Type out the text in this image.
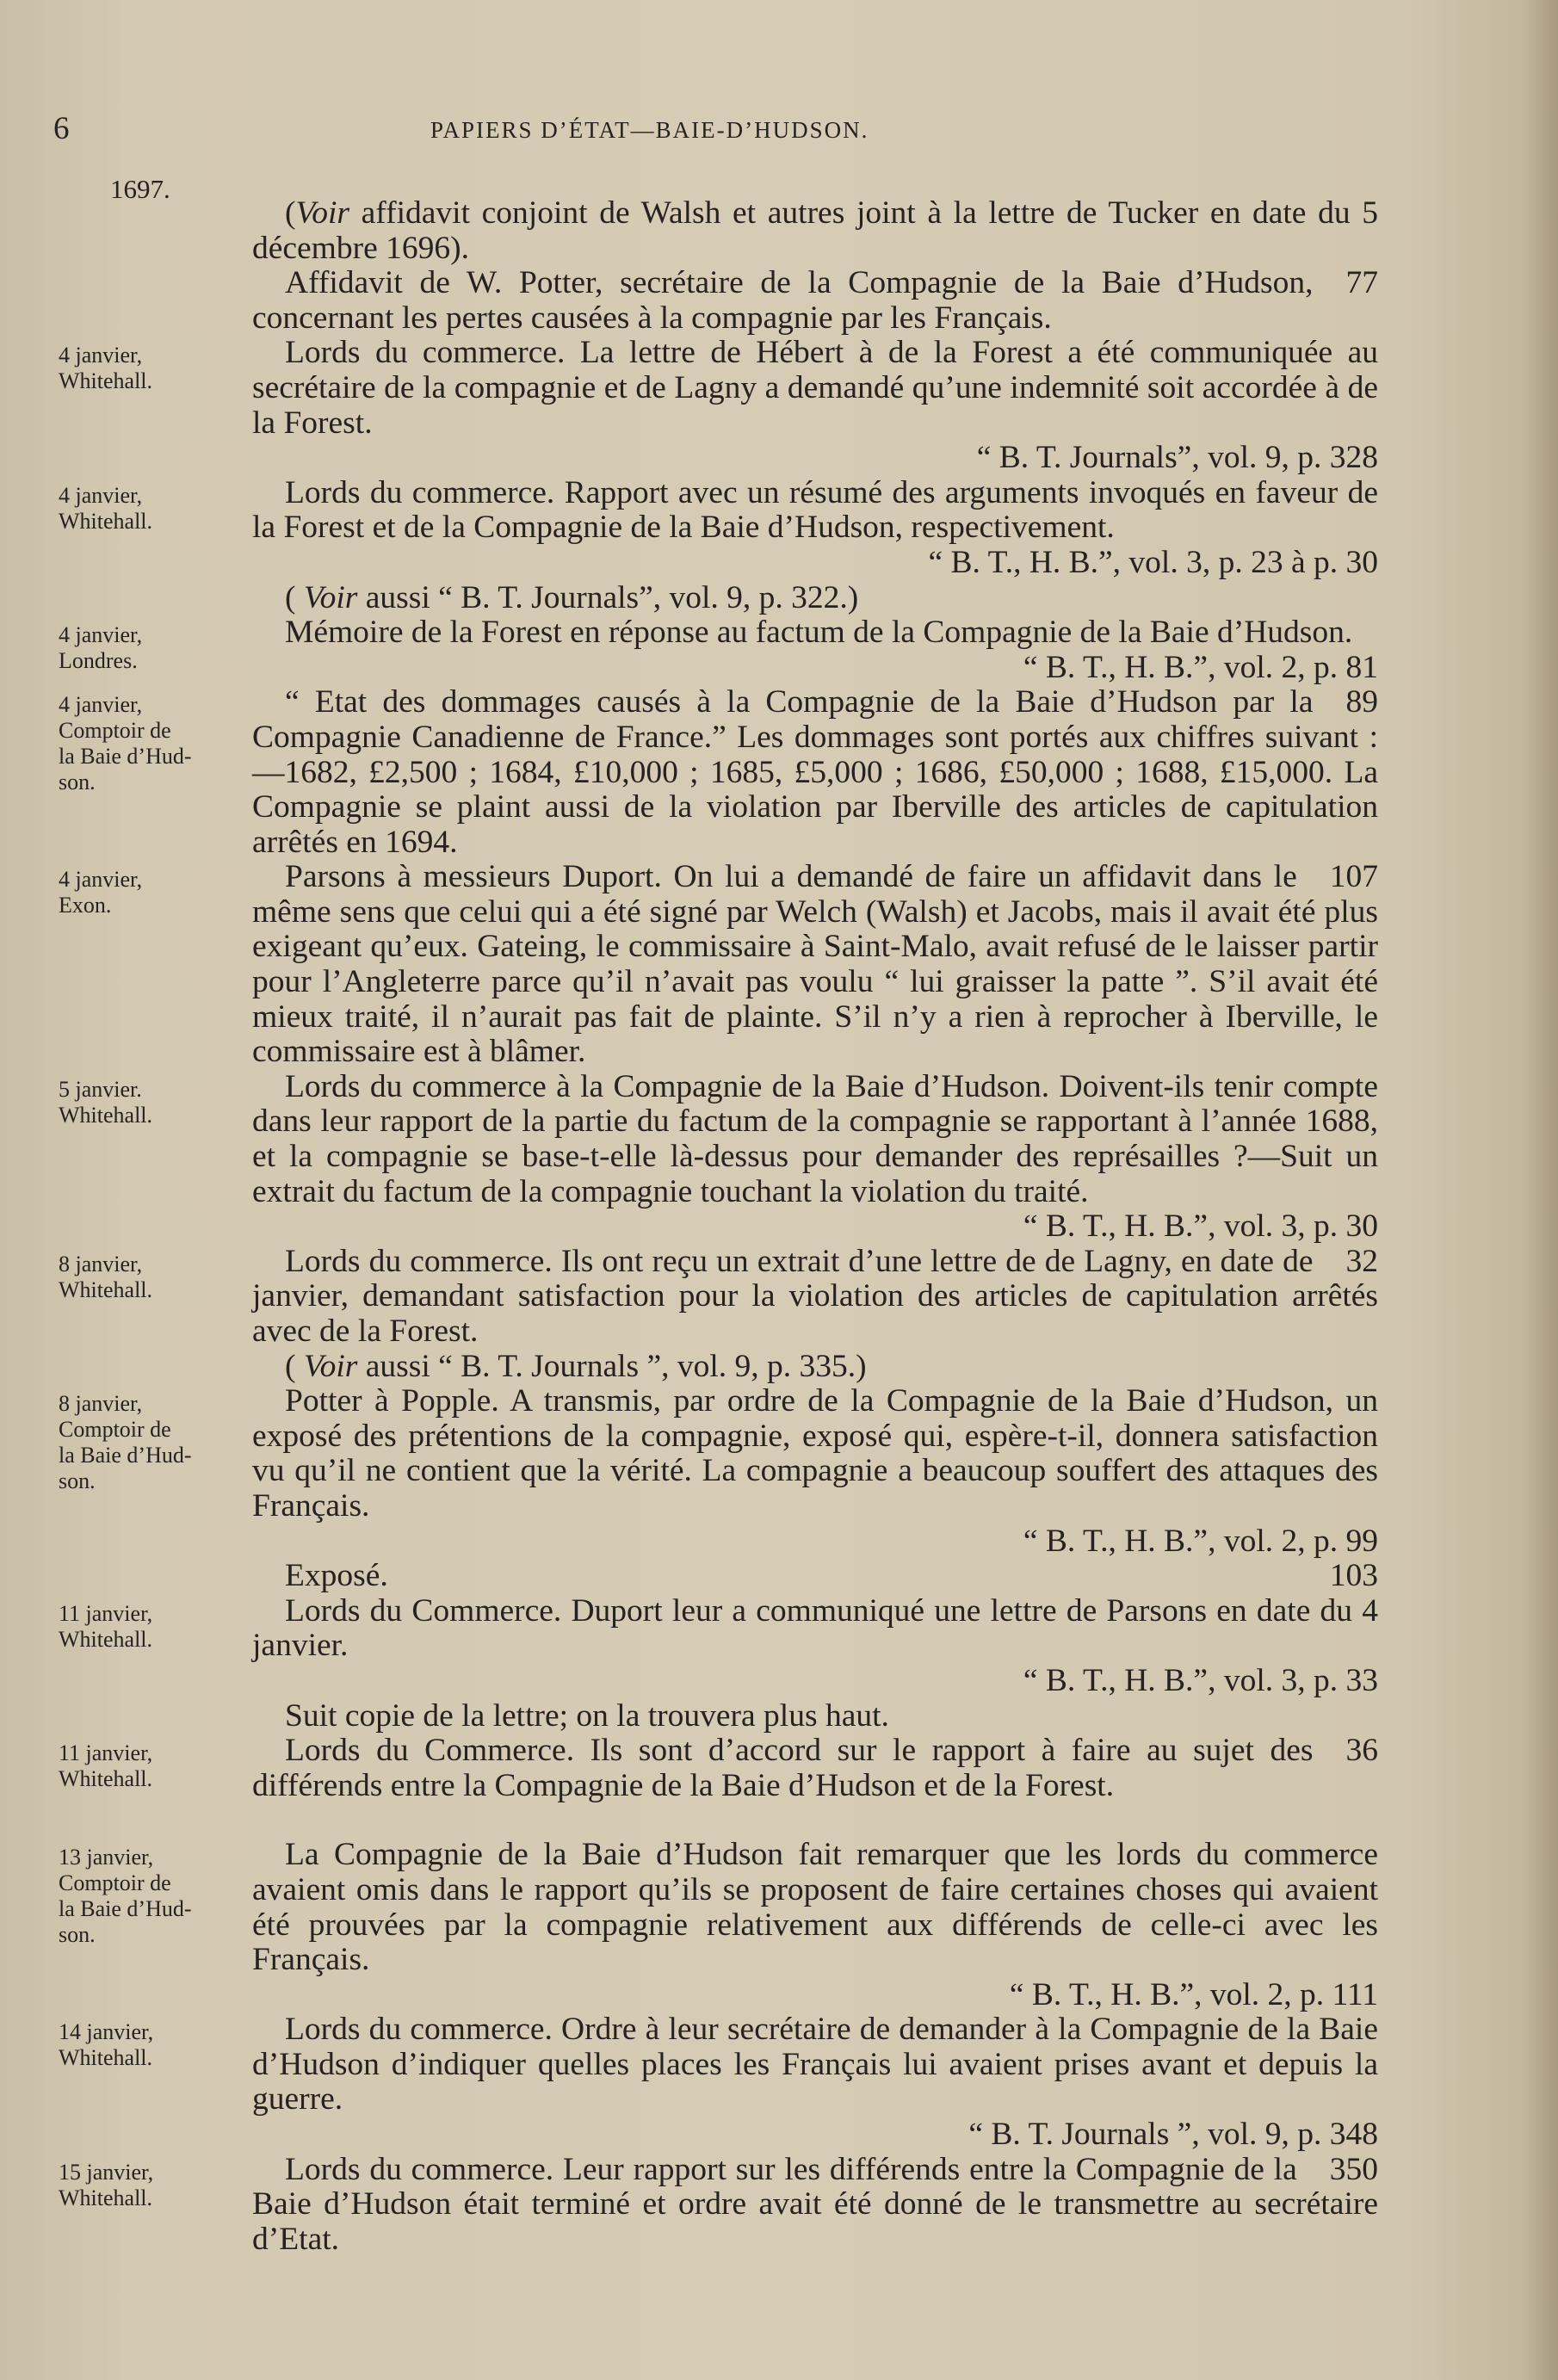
6	PAPIERS D’ÉTAT—BAIE-D’HUDSON.
1697.

(Voir affidavit conjoint de Walsh et autres joint à la lettre de Tucker en date du 5 décembre 1696).

77
Affidavit de W. Potter, secrétaire de la Compagnie de la Baie d’Hudson, concernant les pertes causées à la compagnie par les Français.

4 janvier,
Whitehall.

Lords du commerce. La lettre de Hébert à de la Forest a été communiquée au secrétaire de la compagnie et de Lagny a demandé qu’une indemnité soit accordée à de la Forest.

“ B. T. Journals”, vol. 9, p. 328

4 janvier,
Whitehall.

Lords du commerce. Rapport avec un résumé des arguments invoqués en faveur de la Forest et de la Compagnie de la Baie d’Hudson, respectivement.

“ B. T., H. B.”, vol. 3, p. 23 à p. 30

( Voir aussi “ B. T. Journals”, vol. 9, p. 322.)

4 janvier,
Londres.

Mémoire de la Forest en réponse au factum de la Compagnie de la Baie d’Hudson.

“ B. T., H. B.”, vol. 2, p. 81

4 janvier,
Comptoir de
la Baie d’Hud-
son.

89
“ Etat des dommages causés à la Compagnie de la Baie d’Hudson par la Compagnie Canadienne de France.” Les dommages sont portés aux chiffres suivant :—1682, £2,500 ; 1684, £10,000 ; 1685, £5,000 ; 1686, £50,000 ; 1688, £15,000. La Compagnie se plaint aussi de la violation par Iberville des articles de capitulation arrêtés en 1694.

4 janvier,
Exon.

107
Parsons à messieurs Duport. On lui a demandé de faire un affidavit dans le même sens que celui qui a été signé par Welch (Walsh) et Jacobs, mais il avait été plus exigeant qu’eux. Gateing, le commissaire à Saint-Malo, avait refusé de le laisser partir pour l’Angleterre parce qu’il n’avait pas voulu “ lui graisser la patte ”. S’il avait été mieux traité, il n’aurait pas fait de plainte. S’il n’y a rien à reprocher à Iberville, le commissaire est à blâmer.

5 janvier.
Whitehall.

Lords du commerce à la Compagnie de la Baie d’Hudson. Doivent-ils tenir compte dans leur rapport de la partie du factum de la compagnie se rapportant à l’année 1688, et la compagnie se base-t-elle là-dessus pour demander des représailles ?—Suit un extrait du factum de la compagnie touchant la violation du traité.

“ B. T., H. B.”, vol. 3, p. 30

8 janvier,
Whitehall.

32
Lords du commerce. Ils ont reçu un extrait d’une lettre de de Lagny, en date de janvier, demandant satisfaction pour la violation des articles de capitulation arrêtés avec de la Forest.

( Voir aussi “ B. T. Journals ”, vol. 9, p. 335.)

8 janvier,
Comptoir de
la Baie d’Hud-
son.

Potter à Popple. A transmis, par ordre de la Compagnie de la Baie d’Hudson, un exposé des prétentions de la compagnie, exposé qui, espère-t-il, donnera satisfaction vu qu’il ne contient que la vérité. La compagnie a beaucoup souffert des attaques des Français.

“ B. T., H. B.”, vol. 2, p. 99

103
Exposé.

11 janvier,
Whitehall.

Lords du Commerce. Duport leur a communiqué une lettre de Parsons en date du 4 janvier.

“ B. T., H. B.”, vol. 3, p. 33

Suit copie de la lettre; on la trouvera plus haut.

11 janvier,
Whitehall.

36
Lords du Commerce. Ils sont d’accord sur le rapport à faire au sujet des différends entre la Compagnie de la Baie d’Hudson et de la Forest.

13 janvier,
Comptoir de
la Baie d’Hud-
son.

La Compagnie de la Baie d’Hudson fait remarquer que les lords du commerce avaient omis dans le rapport qu’ils se proposent de faire certaines choses qui avaient été prouvées par la compagnie relativement aux différends de celle-ci avec les Français.

“ B. T., H. B.”, vol. 2, p. 111

14 janvier,
Whitehall.

Lords du commerce. Ordre à leur secrétaire de demander à la Compagnie de la Baie d’Hudson d’indiquer quelles places les Français lui avaient prises avant et depuis la guerre.

“ B. T. Journals ”, vol. 9, p. 348

15 janvier,
Whitehall.

350
Lords du commerce. Leur rapport sur les différends entre la Compagnie de la Baie d’Hudson était terminé et ordre avait été donné de le transmettre au secrétaire d’Etat.
